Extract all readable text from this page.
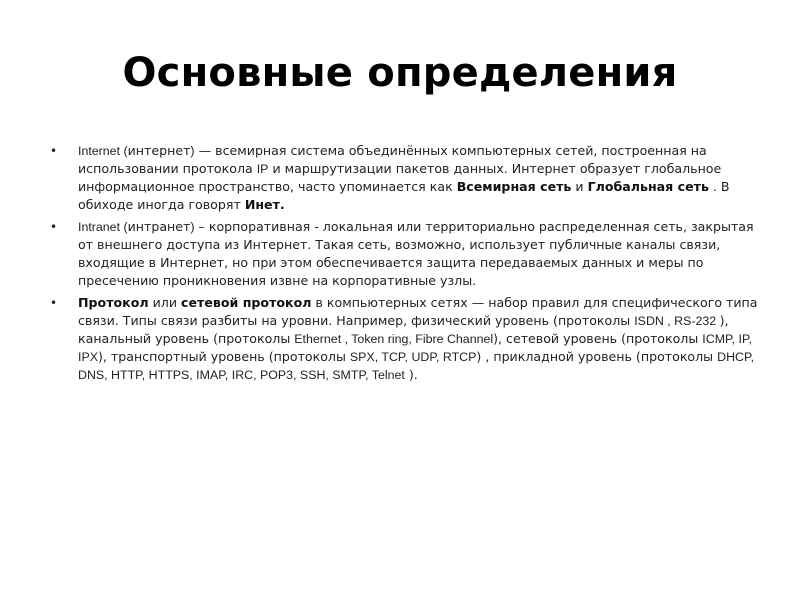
Основные определения
• Internet (интернет) — всемирная система объединённых компьютерных сетей, построенная на использовании протокола IP и маршрутизации пакетов данных. Интернет образует глобальное информационное пространство, часто упоминается как Всемирная сеть и Глобальная сеть . В обиходе иногда говорят Инет.
• Intranet (интранет) – корпоративная - локальная или территориально распределенная сеть, закрытая от внешнего доступа из Интернет. Такая сеть, возможно, использует публичные каналы связи, входящие в Интернет, но при этом обеспечивается защита передаваемых данных и меры по пресечению проникновения извне на корпоративные узлы.
• Протокол или сетевой протокол в компьютерных сетях — набор правил для специфического типа связи. Типы связи разбиты на уровни. Например, физический уровень (протоколы ISDN , RS-232 ), канальный уровень (протоколы Ethernet , Token ring, Fibre Channel), сетевой уровень (протоколы ICMP, IP, IPX), транспортный уровень (протоколы SPX, TCP, UDP, RTCP) , прикладной уровень (протоколы DHCP, DNS, HTTP, HTTPS, IMAP, IRC, POP3, SSH, SMTP, Telnet ).
